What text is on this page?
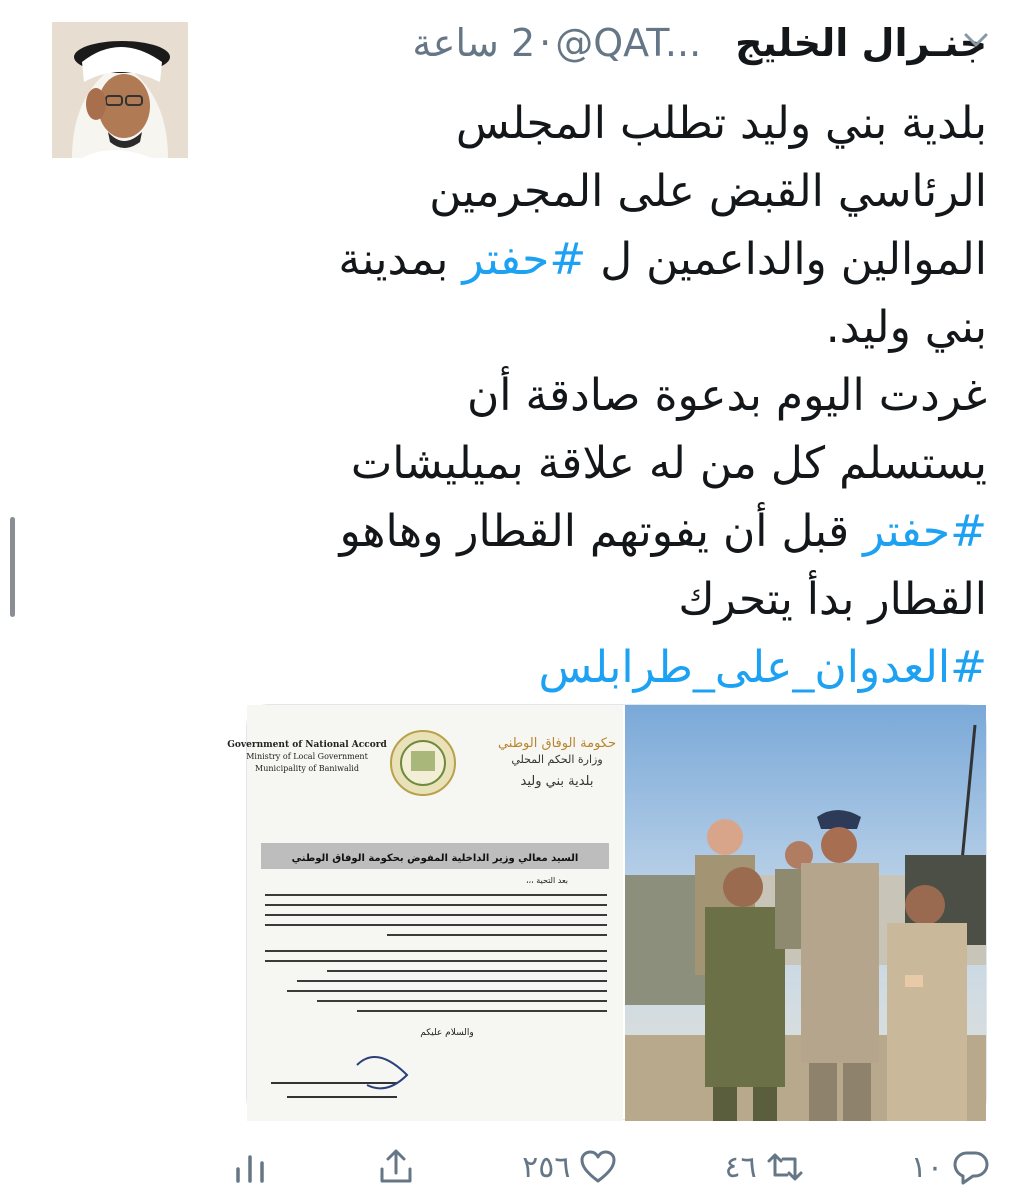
جنـرال الخليج
@QAT...
·
2 ساعة

بلدية بني وليد تطلب المجلس

الرئاسي القبض على المجرمين

الموالين والداعمين ل #حفتر بمدينة

بني وليد.

غردت اليوم بدعوة صادقة أن

يستسلم كل من له علاقة بميليشات

#حفتر قبل أن يفوتهم القطار وهاهو

القطار بدأ يتحرك

#العدوان_على_طرابلس

Government of National Accord
Ministry of Local Government
Municipality of Baniwalid
حكومة الوفاق الوطني
وزارة الحكم المحلي
بلدية بني وليد
السيد معالي وزير الداخلية المفوض بحكومة الوفاق الوطني
بعد التحية ،،،
والسلام عليكم
٢٥٦	٤٦	١٠
